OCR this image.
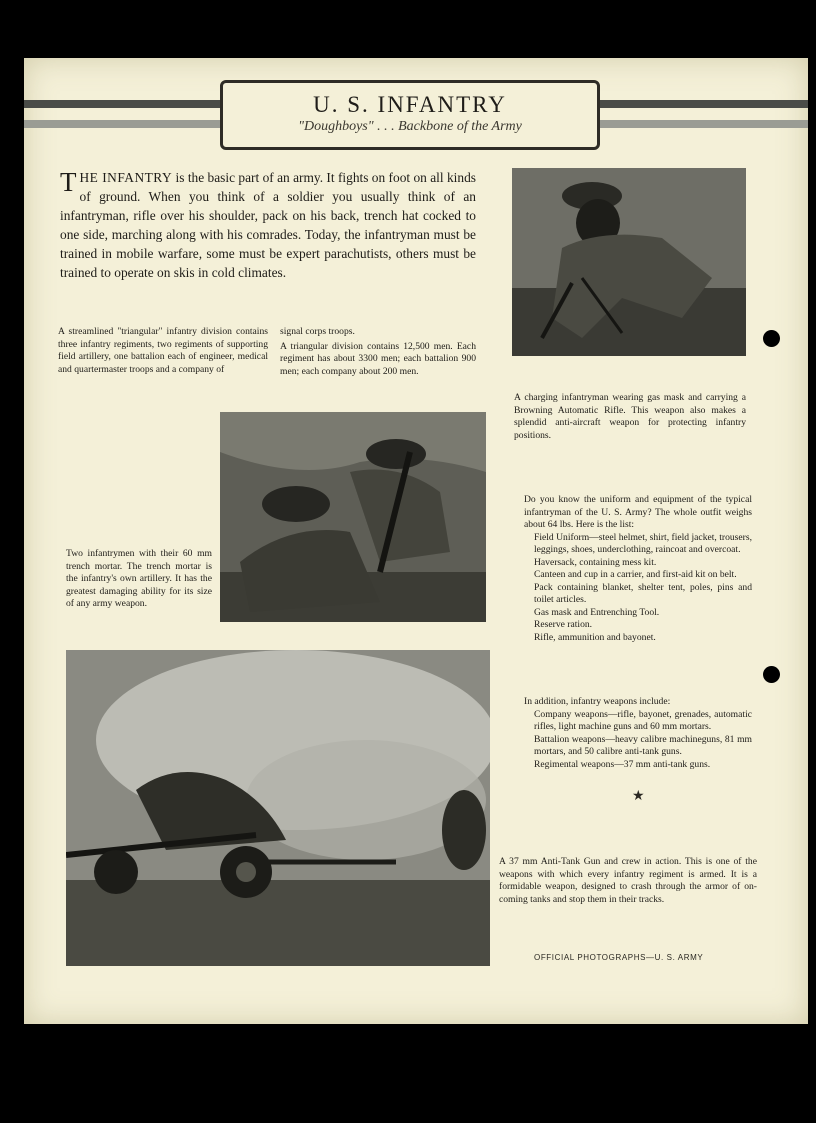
U. S. INFANTRY
"Doughboys" . . . Backbone of the Army

THE INFANTRY is the basic part of an army. It fights on foot on all kinds of ground. When you think of a soldier you usually think of an infantryman, rifle over his shoulder, pack on his back, trench hat cocked to one side, marching along with his comrades. Today, the infantryman must be trained in mobile warfare, some must be expert parachutists, others must be trained to operate on skis in cold climates.

A streamlined "triangular" infantry division contains three infantry regiments, two regiments of supporting field artillery, one battalion each of engineer, medical and quartermaster troops and a company of

signal corps troops.

A triangular division contains 12,500 men. Each regiment has about 3300 men; each battalion 900 men; each company about 200 men.

A charging infantryman wearing gas mask and carrying a Browning Automatic Rifle. This weapon also makes a splendid anti-aircraft weapon for protecting infantry positions.

Two infantrymen with their 60 mm trench mortar. The trench mortar is the infantry's own artillery. It has the greatest damaging ability for its size of any army weapon.

A 37 mm Anti-Tank Gun and crew in action. This is one of the weapons with which every infantry regiment is armed. It is a formidable weapon, designed to crash through the armor of on-coming tanks and stop them in their tracks.

Do you know the uniform and equipment of the typical infantryman of the U. S. Army? The whole outfit weighs about 64 lbs. Here is the list:

Field Uniform—steel helmet, shirt, field jacket, trousers, leggings, shoes, underclothing, raincoat and overcoat.

Haversack, containing mess kit.

Canteen and cup in a carrier, and first-aid kit on belt.

Pack containing blanket, shelter tent, poles, pins and toilet articles.

Gas mask and Entrenching Tool.

Reserve ration.

Rifle, ammunition and bayonet.

In addition, infantry weapons include:

Company weapons—rifle, bayonet, grenades, automatic rifles, light machine guns and 60 mm mortars.

Battalion weapons—heavy calibre machineguns, 81 mm mortars, and 50 calibre anti-tank guns.

Regimental weapons—37 mm anti-tank guns.

★
OFFICIAL PHOTOGRAPHS—U. S. ARMY
